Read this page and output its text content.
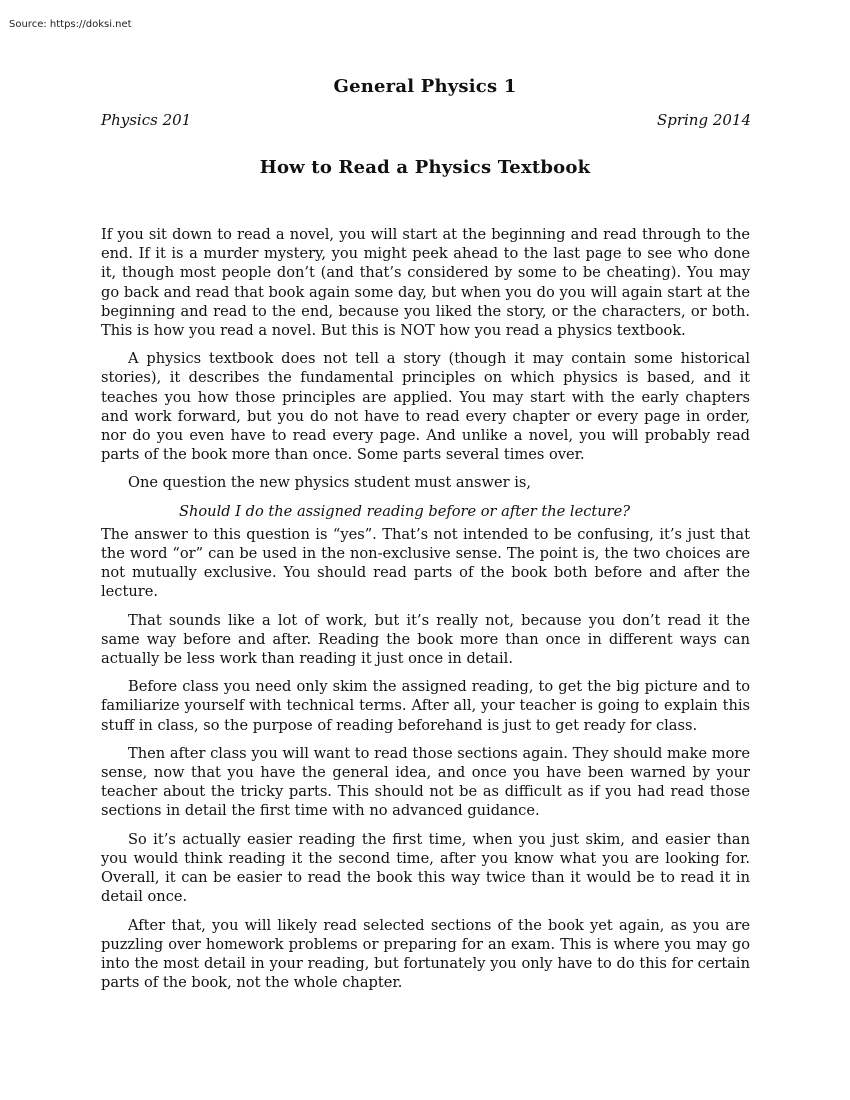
Source: https://doksi.net
General Physics 1
Physics 201	Spring 2014
How to Read a Physics Textbook

If you sit down to read a novel, you will start at the beginning and read through to the end. If it is a murder mystery, you might peek ahead to the last page to see who done it, though most people don’t (and that’s considered by some to be cheating). You may go back and read that book again some day, but when you do you will again start at the beginning and read to the end, because you liked the story, or the characters, or both. This is how you read a novel. But this is NOT how you read a physics textbook.

A physics textbook does not tell a story (though it may contain some historical stories), it describes the fundamental principles on which physics is based, and it teaches you how those principles are applied. You may start with the early chapters and work forward, but you do not have to read every chapter or every page in order, nor do you even have to read every page. And unlike a novel, you will probably read parts of the book more than once. Some parts several times over.

One question the new physics student must answer is,

Should I do the assigned reading before or after the lecture?

The answer to this question is “yes”. That’s not intended to be confusing, it’s just that the word “or” can be used in the non-exclusive sense. The point is, the two choices are not mutually exclusive. You should read parts of the book both before and after the lecture.

That sounds like a lot of work, but it’s really not, because you don’t read it the same way before and after. Reading the book more than once in different ways can actually be less work than reading it just once in detail.

Before class you need only skim the assigned reading, to get the big picture and to familiarize yourself with technical terms. After all, your teacher is going to explain this stuff in class, so the purpose of reading beforehand is just to get ready for class.

Then after class you will want to read those sections again. They should make more sense, now that you have the general idea, and once you have been warned by your teacher about the tricky parts. This should not be as difficult as if you had read those sections in detail the first time with no advanced guidance.

So it’s actually easier reading the first time, when you just skim, and easier than you would think reading it the second time, after you know what you are looking for. Overall, it can be easier to read the book this way twice than it would be to read it in detail once.

After that, you will likely read selected sections of the book yet again, as you are puzzling over homework problems or preparing for an exam. This is where you may go into the most detail in your reading, but fortunately you only have to do this for certain parts of the book, not the whole chapter.
